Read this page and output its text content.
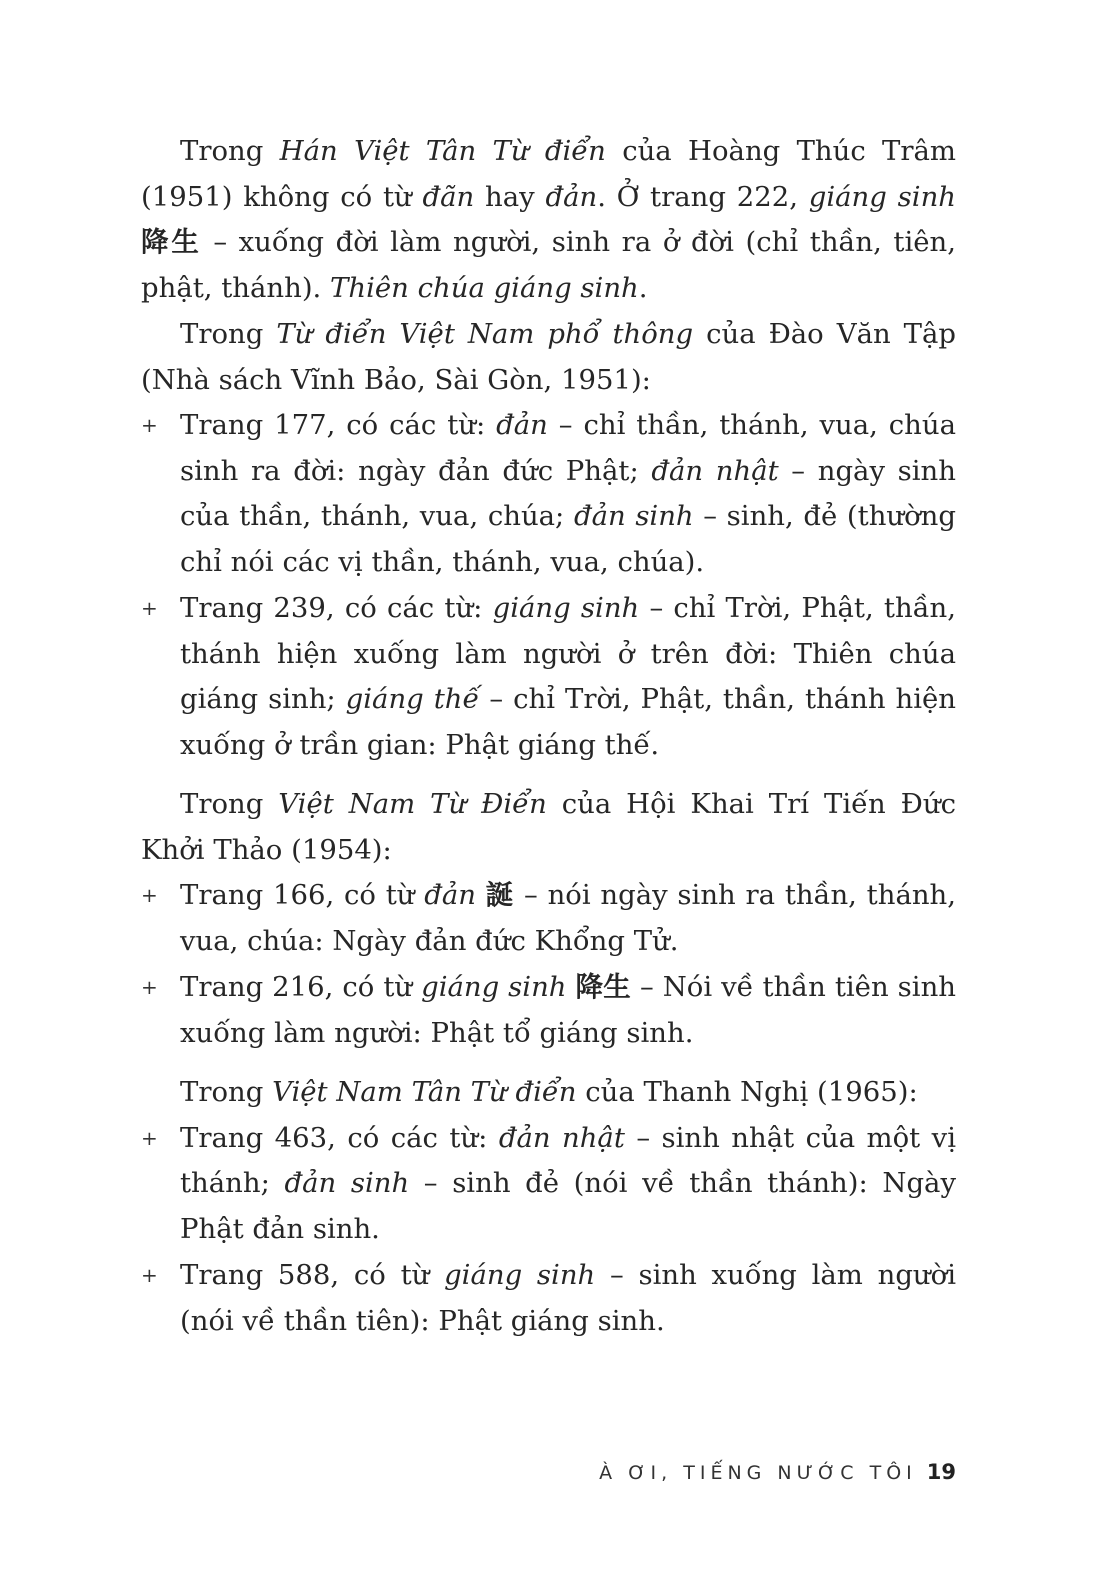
Trong Hán Việt Tân Từ điển của Hoàng Thúc Trâm (1951) không có từ đãn hay đản. Ở trang 222, giáng sinh 降生 – xuống đời làm người, sinh ra ở đời (chỉ thần, tiên, phật, thánh). Thiên chúa giáng sinh.

Trong Từ điển Việt Nam phổ thông của Đào Văn Tập (Nhà sách Vĩnh Bảo, Sài Gòn, 1951):

+ Trang 177, có các từ: đản – chỉ thần, thánh, vua, chúa sinh ra đời: ngày đản đức Phật; đản nhật – ngày sinh của thần, thánh, vua, chúa; đản sinh – sinh, đẻ (thường chỉ nói các vị thần, thánh, vua, chúa).
+ Trang 239, có các từ: giáng sinh – chỉ Trời, Phật, thần, thánh hiện xuống làm người ở trên đời: Thiên chúa giáng sinh; giáng thế – chỉ Trời, Phật, thần, thánh hiện xuống ở trần gian: Phật giáng thế.

Trong Việt Nam Từ Điển của Hội Khai Trí Tiến Đức Khởi Thảo (1954):

+ Trang 166, có từ đản 誕 – nói ngày sinh ra thần, thánh, vua, chúa: Ngày đản đức Khổng Tử.
+ Trang 216, có từ giáng sinh 降生 – Nói về thần tiên sinh xuống làm người: Phật tổ giáng sinh.

Trong Việt Nam Tân Từ điển của Thanh Nghị (1965):

+ Trang 463, có các từ: đản nhật – sinh nhật của một vị thánh; đản sinh – sinh đẻ (nói về thần thánh): Ngày Phật đản sinh.
+ Trang 588, có từ giáng sinh – sinh xuống làm người (nói về thần tiên): Phật giáng sinh.
À ƠI, TIẾNG NƯỚC TÔI 19
